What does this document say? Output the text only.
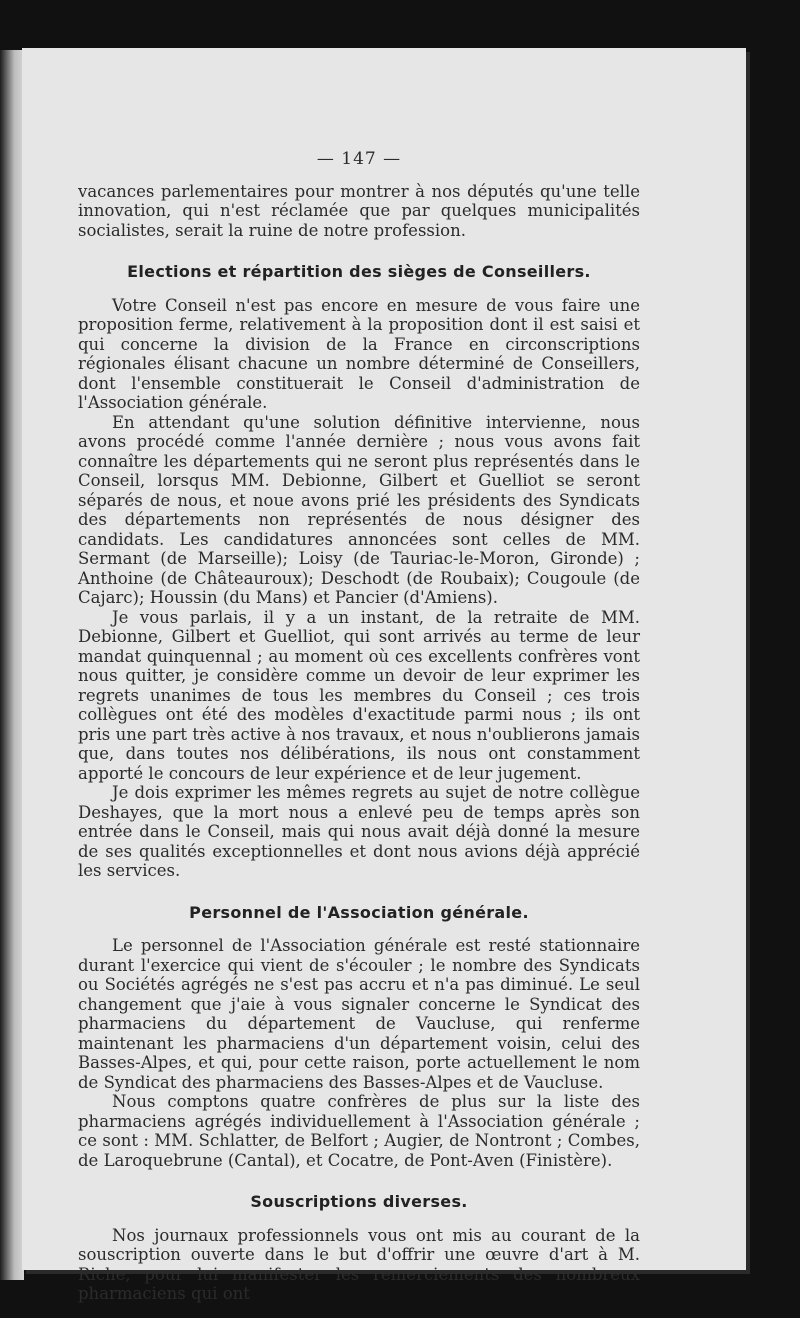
— 147 —

vacances parlementaires pour montrer à nos députés qu'une telle innovation, qui n'est réclamée que par quelques municipalités socialistes, serait la ruine de notre profession.

Elections et répartition des sièges de Conseillers.

Votre Conseil n'est pas encore en mesure de vous faire une proposition ferme, relativement à la proposition dont il est saisi et qui concerne la division de la France en circonscriptions régionales élisant chacune un nombre déterminé de Conseillers, dont l'ensemble constituerait le Conseil d'administration de l'Association générale.

En attendant qu'une solution définitive intervienne, nous avons procédé comme l'année dernière ; nous vous avons fait connaître les départements qui ne seront plus représentés dans le Conseil, lorsqus MM. Debionne, Gilbert et Guelliot se seront séparés de nous, et noue avons prié les présidents des Syndicats des départements non représentés de nous désigner des candidats. Les candidatures annoncées sont celles de MM. Sermant (de Marseille); Loisy (de Tauriac-le-Moron, Gironde) ; Anthoine (de Châteauroux); Deschodt (de Roubaix); Cougoule (de Cajarc); Houssin (du Mans) et Pancier (d'Amiens).

Je vous parlais, il y a un instant, de la retraite de MM. Debionne, Gilbert et Guelliot, qui sont arrivés au terme de leur mandat quinquennal ; au moment où ces excellents confrères vont nous quitter, je considère comme un devoir de leur exprimer les regrets unanimes de tous les membres du Conseil ; ces trois collègues ont été des modèles d'exactitude parmi nous ; ils ont pris une part très active à nos travaux, et nous n'oublierons jamais que, dans toutes nos délibérations, ils nous ont constamment apporté le concours de leur expérience et de leur jugement.

Je dois exprimer les mêmes regrets au sujet de notre collègue Deshayes, que la mort nous a enlevé peu de temps après son entrée dans le Conseil, mais qui nous avait déjà donné la mesure de ses qualités exceptionnelles et dont nous avions déjà apprécié les services.

Personnel de l'Association générale.

Le personnel de l'Association générale est resté stationnaire durant l'exercice qui vient de s'écouler ; le nombre des Syndicats ou Sociétés agrégés ne s'est pas accru et n'a pas diminué. Le seul changement que j'aie à vous signaler concerne le Syndicat des pharmaciens du département de Vaucluse, qui renferme maintenant les pharmaciens d'un département voisin, celui des Basses-Alpes, et qui, pour cette raison, porte actuellement le nom de Syndicat des pharmaciens des Basses-Alpes et de Vaucluse.

Nous comptons quatre confrères de plus sur la liste des pharmaciens agrégés individuellement à l'Association générale ; ce sont : MM. Schlatter, de Belfort ; Augier, de Nontront ; Combes, de Laroquebrune (Cantal), et Cocatre, de Pont-Aven (Finistère).

Souscriptions diverses.

Nos journaux professionnels vous ont mis au courant de la souscription ouverte dans le but d'offrir une œuvre d'art à M. Riche, pour lui manifester les remerciements des nombreux pharmaciens qui ont
